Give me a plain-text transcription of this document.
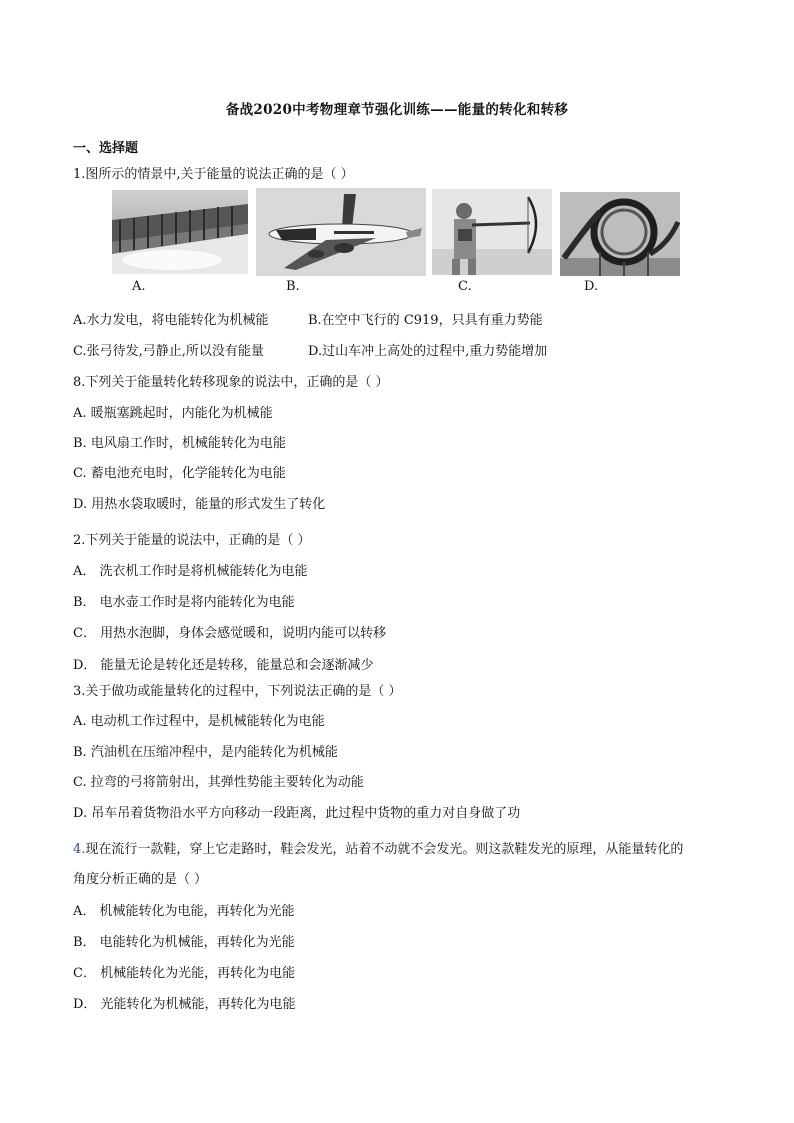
备战2020中考物理章节强化训练——能量的转化和转移
一、选择题
1.图所示的情景中,关于能量的说法正确的是（ ）
A.	B.	C.	D.
A.水力发电，将电能转化为机械能	B.在空中飞行的 C919，只具有重力势能
C.张弓待发,弓静止,所以没有能量	D.过山车冲上高处的过程中,重力势能增加
8.下列关于能量转化转移现象的说法中，正确的是（ ）
A. 暖瓶塞跳起时，内能化为机械能
B. 电风扇工作时，机械能转化为电能
C. 蓄电池充电时，化学能转化为电能
D. 用热水袋取暖时，能量的形式发生了转化
2.下列关于能量的说法中，正确的是（ ）
A． 洗衣机工作时是将机械能转化为电能
B． 电水壶工作时是将内能转化为电能
C． 用热水泡脚，身体会感觉暖和，说明内能可以转移
D． 能量无论是转化还是转移，能量总和会逐渐减少
3.关于做功或能量转化的过程中，下列说法正确的是（ ）
A. 电动机工作过程中，是机械能转化为电能
B. 汽油机在压缩冲程中，是内能转化为机械能
C. 拉弯的弓将箭射出，其弹性势能主要转化为动能
D. 吊车吊着货物沿水平方向移动一段距离，此过程中货物的重力对自身做了功
4.现在流行一款鞋，穿上它走路时，鞋会发光，站着不动就不会发光。则这款鞋发光的原理，从能量转化的
角度分析正确的是（ ）
A． 机械能转化为电能，再转化为光能
B． 电能转化为机械能，再转化为光能
C． 机械能转化为光能，再转化为电能
D． 光能转化为机械能，再转化为电能
